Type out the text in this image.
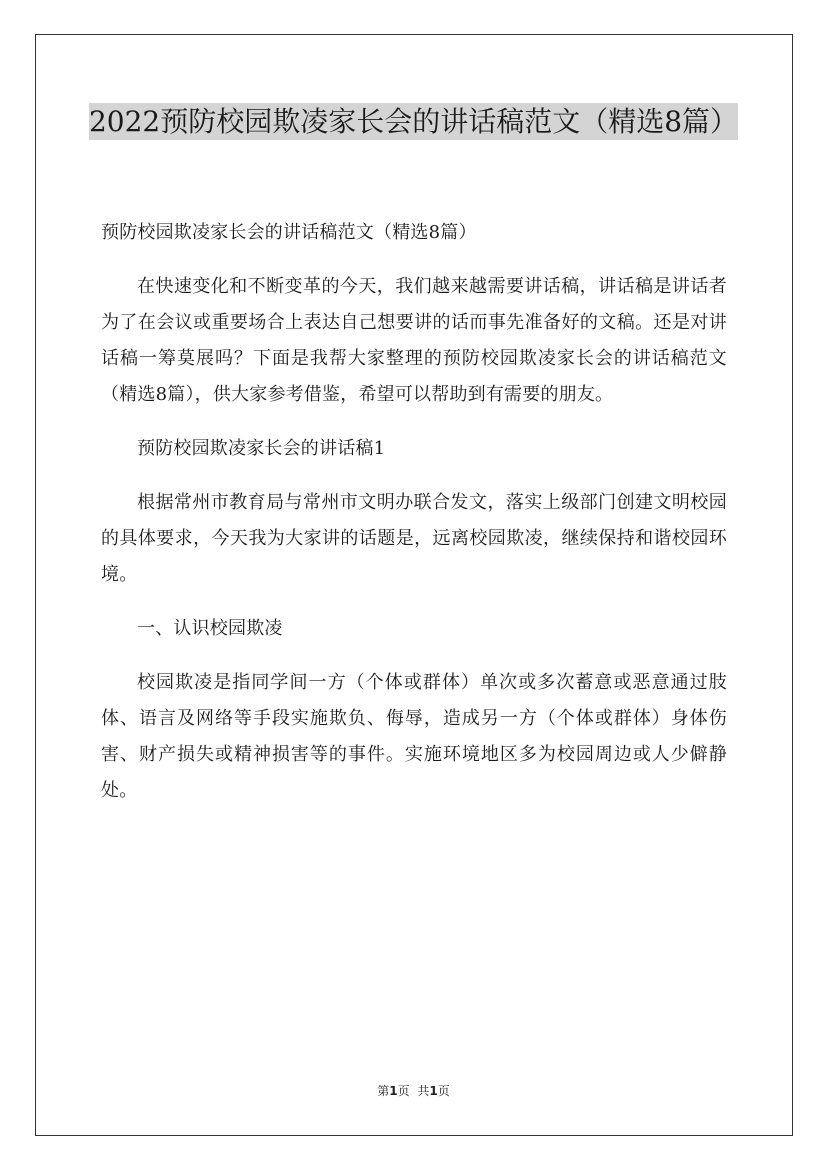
2022预防校园欺凌家长会的讲话稿范文（精选8篇）

预防校园欺凌家长会的讲话稿范文（精选8篇）

在快速变化和不断变革的今天，我们越来越需要讲话稿，讲话稿是讲话者为了在会议或重要场合上表达自己想要讲的话而事先准备好的文稿。还是对讲话稿一筹莫展吗？下面是我帮大家整理的预防校园欺凌家长会的讲话稿范文（精选8篇），供大家参考借鉴，希望可以帮助到有需要的朋友。

预防校园欺凌家长会的讲话稿1

根据常州市教育局与常州市文明办联合发文，落实上级部门创建文明校园的具体要求，今天我为大家讲的话题是，远离校园欺凌，继续保持和谐校园环境。

一、认识校园欺凌

校园欺凌是指同学间一方（个体或群体）单次或多次蓄意或恶意通过肢体、语言及网络等手段实施欺负、侮辱，造成另一方（个体或群体）身体伤害、财产损失或精神损害等的事件。实施环境地区多为校园周边或人少僻静处。

第1页 共1页
